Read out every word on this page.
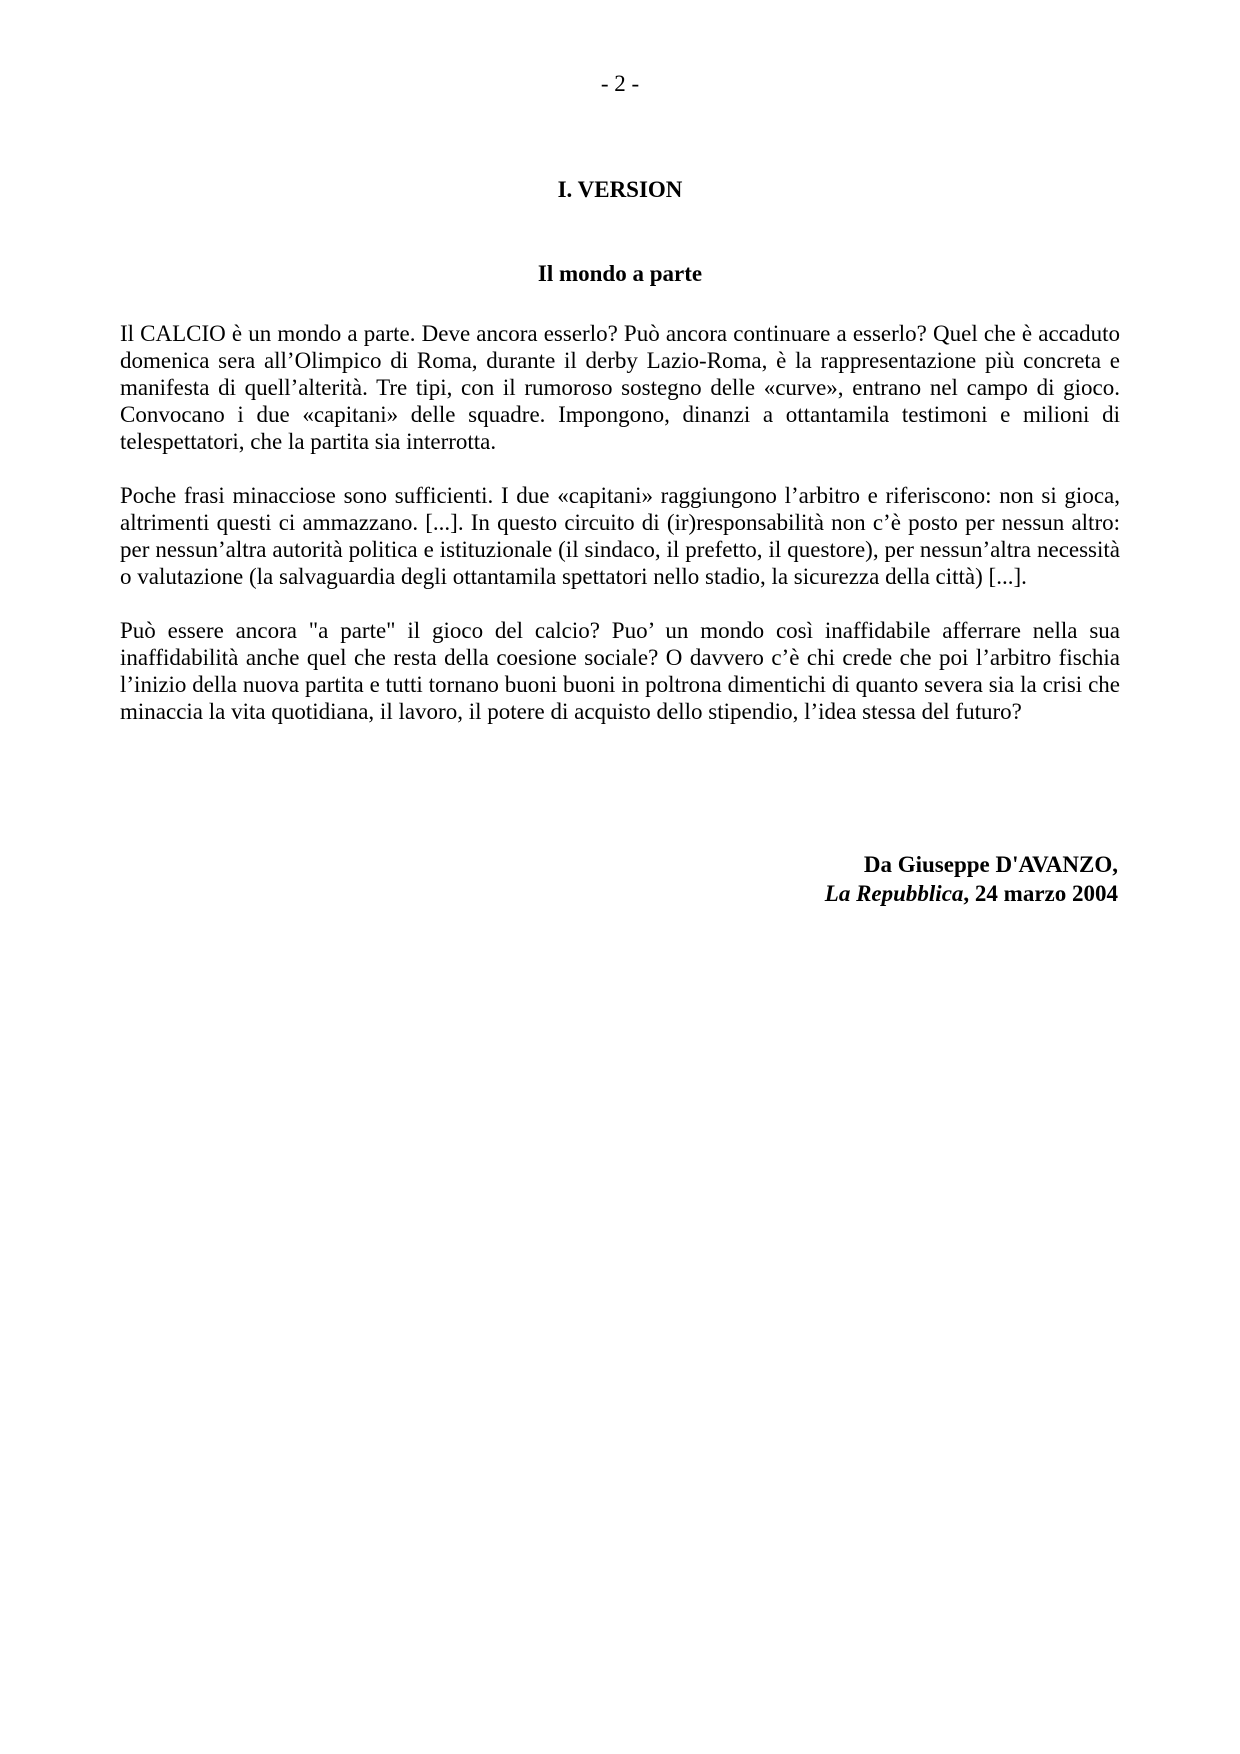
- 2 -
I. VERSION
Il mondo a parte

Il CALCIO è un mondo a parte. Deve ancora esserlo? Può ancora continuare a esserlo? Quel che è accaduto domenica sera all’Olimpico di Roma, durante il derby Lazio-Roma, è la rappresentazione più concreta e manifesta di quell’alterità. Tre tipi, con il rumoroso sostegno delle «curve», entrano nel campo di gioco. Convocano i due «capitani» delle squadre. Impongono, dinanzi a ottantamila testimoni e milioni di telespettatori, che la partita sia interrotta.

Poche frasi minacciose sono sufficienti. I due «capitani» raggiungono l’arbitro e riferiscono: non si gioca, altrimenti questi ci ammazzano. [...]. In questo circuito di (ir)responsabilità non c’è posto per nessun altro: per nessun’altra autorità politica e istituzionale (il sindaco, il prefetto, il questore), per nessun’altra necessità o valutazione (la salvaguardia degli ottantamila spettatori nello stadio, la sicurezza della città) [...].

Può essere ancora "a parte" il gioco del calcio? Puo’ un mondo così inaffidabile afferrare nella sua inaffidabilità anche quel che resta della coesione sociale? O davvero c’è chi crede che poi l’arbitro fischia l’inizio della nuova partita e tutti tornano buoni buoni in poltrona dimentichi di quanto severa sia la crisi che minaccia la vita quotidiana, il lavoro, il potere di acquisto dello stipendio, l’idea stessa del futuro?

Da Giuseppe D'AVANZO,
La Repubblica, 24 marzo 2004
